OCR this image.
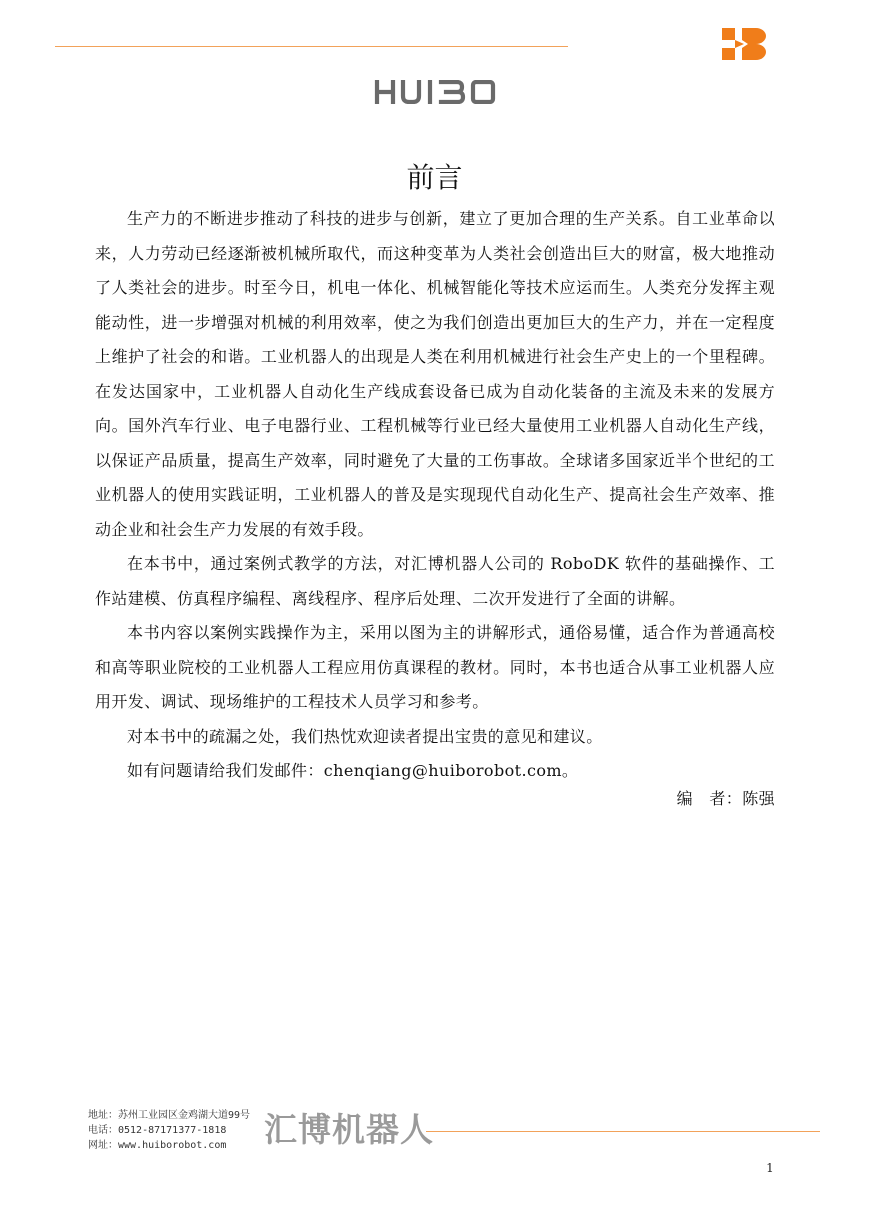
前言

生产力的不断进步推动了科技的进步与创新，建立了更加合理的生产关系。自工业革命以来，人力劳动已经逐渐被机械所取代，而这种变革为人类社会创造出巨大的财富，极大地推动了人类社会的进步。时至今日，机电一体化、机械智能化等技术应运而生。人类充分发挥主观能动性，进一步增强对机械的利用效率，使之为我们创造出更加巨大的生产力，并在一定程度上维护了社会的和谐。工业机器人的出现是人类在利用机械进行社会生产史上的一个里程碑。在发达国家中，工业机器人自动化生产线成套设备已成为自动化装备的主流及未来的发展方向。国外汽车行业、电子电器行业、工程机械等行业已经大量使用工业机器人自动化生产线，以保证产品质量，提高生产效率，同时避免了大量的工伤事故。全球诸多国家近半个世纪的工业机器人的使用实践证明，工业机器人的普及是实现现代自动化生产、提高社会生产效率、推动企业和社会生产力发展的有效手段。

在本书中，通过案例式教学的方法，对汇博机器人公司的 RoboDK 软件的基础操作、工作站建模、仿真程序编程、离线程序、程序后处理、二次开发进行了全面的讲解。

本书内容以案例实践操作为主，采用以图为主的讲解形式，通俗易懂，适合作为普通高校和高等职业院校的工业机器人工程应用仿真课程的教材。同时，本书也适合从事工业机器人应用开发、调试、现场维护的工程技术人员学习和参考。

对本书中的疏漏之处，我们热忱欢迎读者提出宝贵的意见和建议。

如有问题请给我们发邮件：chenqiang@huiborobot.com。

编　者：陈强
地址：苏州工业园区金鸡湖大道99号
电话：0512-87171377-1818
网址：www.huiborobot.com	汇博机器人
1
